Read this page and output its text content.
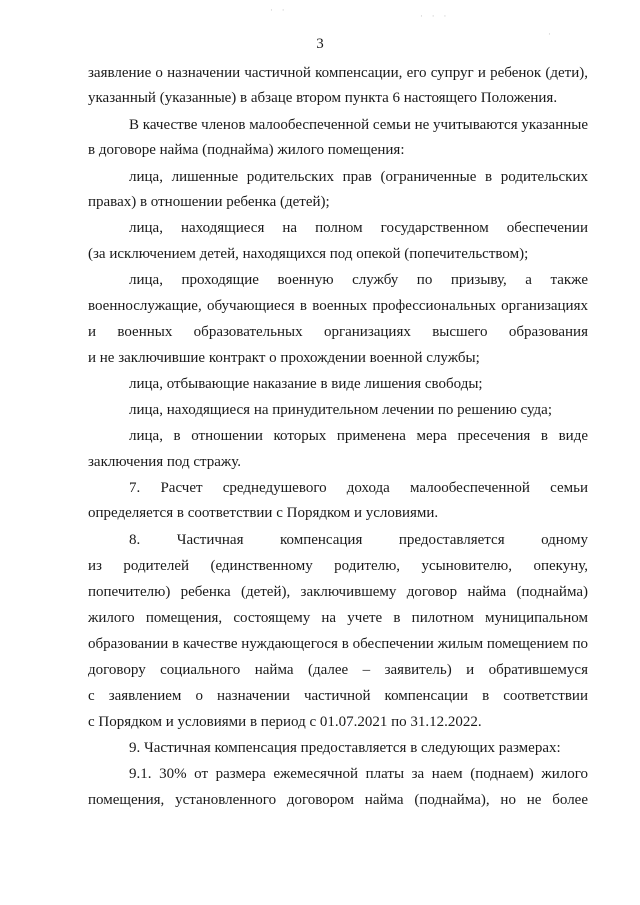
3

заявление о назначении частичной компенсации, его супруг и ребенок (дети),

указанный (указанные) в абзаце втором пункта 6 настоящего Положения.

В качестве членов малообеспеченной семьи не учитываются указанные

в договоре найма (поднайма) жилого помещения:

лица, лишенные родительских прав (ограниченные в родительских

правах) в отношении ребенка (детей);

лица, находящиеся на полном государственном обеспечении

(за исключением детей, находящихся под опекой (попечительством);

лица, проходящие военную службу по призыву, а также

военнослужащие, обучающиеся в военных профессиональных организациях

и военных образовательных организациях высшего образования

и не заключившие контракт о прохождении военной службы;

лица, отбывающие наказание в виде лишения свободы;

лица, находящиеся на принудительном лечении по решению суда;

лица, в отношении которых применена мера пресечения в виде

заключения под стражу.

7. Расчет среднедушевого дохода малообеспеченной семьи

определяется в соответствии с Порядком и условиями.

8. Частичная компенсация предоставляется одному

из родителей (единственному родителю, усыновителю, опекуну,

попечителю) ребенка (детей), заключившему договор найма (поднайма)

жилого помещения, состоящему на учете в пилотном муниципальном

образовании в качестве нуждающегося в обеспечении жилым помещением по

договору социального найма (далее – заявитель) и обратившемуся

с заявлением о назначении частичной компенсации в соответствии

с Порядком и условиями в период с 01.07.2021 по 31.12.2022.

9. Частичная компенсация предоставляется в следующих размерах:

9.1. 30% от размера ежемесячной платы за наем (поднаем) жилого

помещения, установленного договором найма (поднайма), но не более

· ·
· · ·
·
